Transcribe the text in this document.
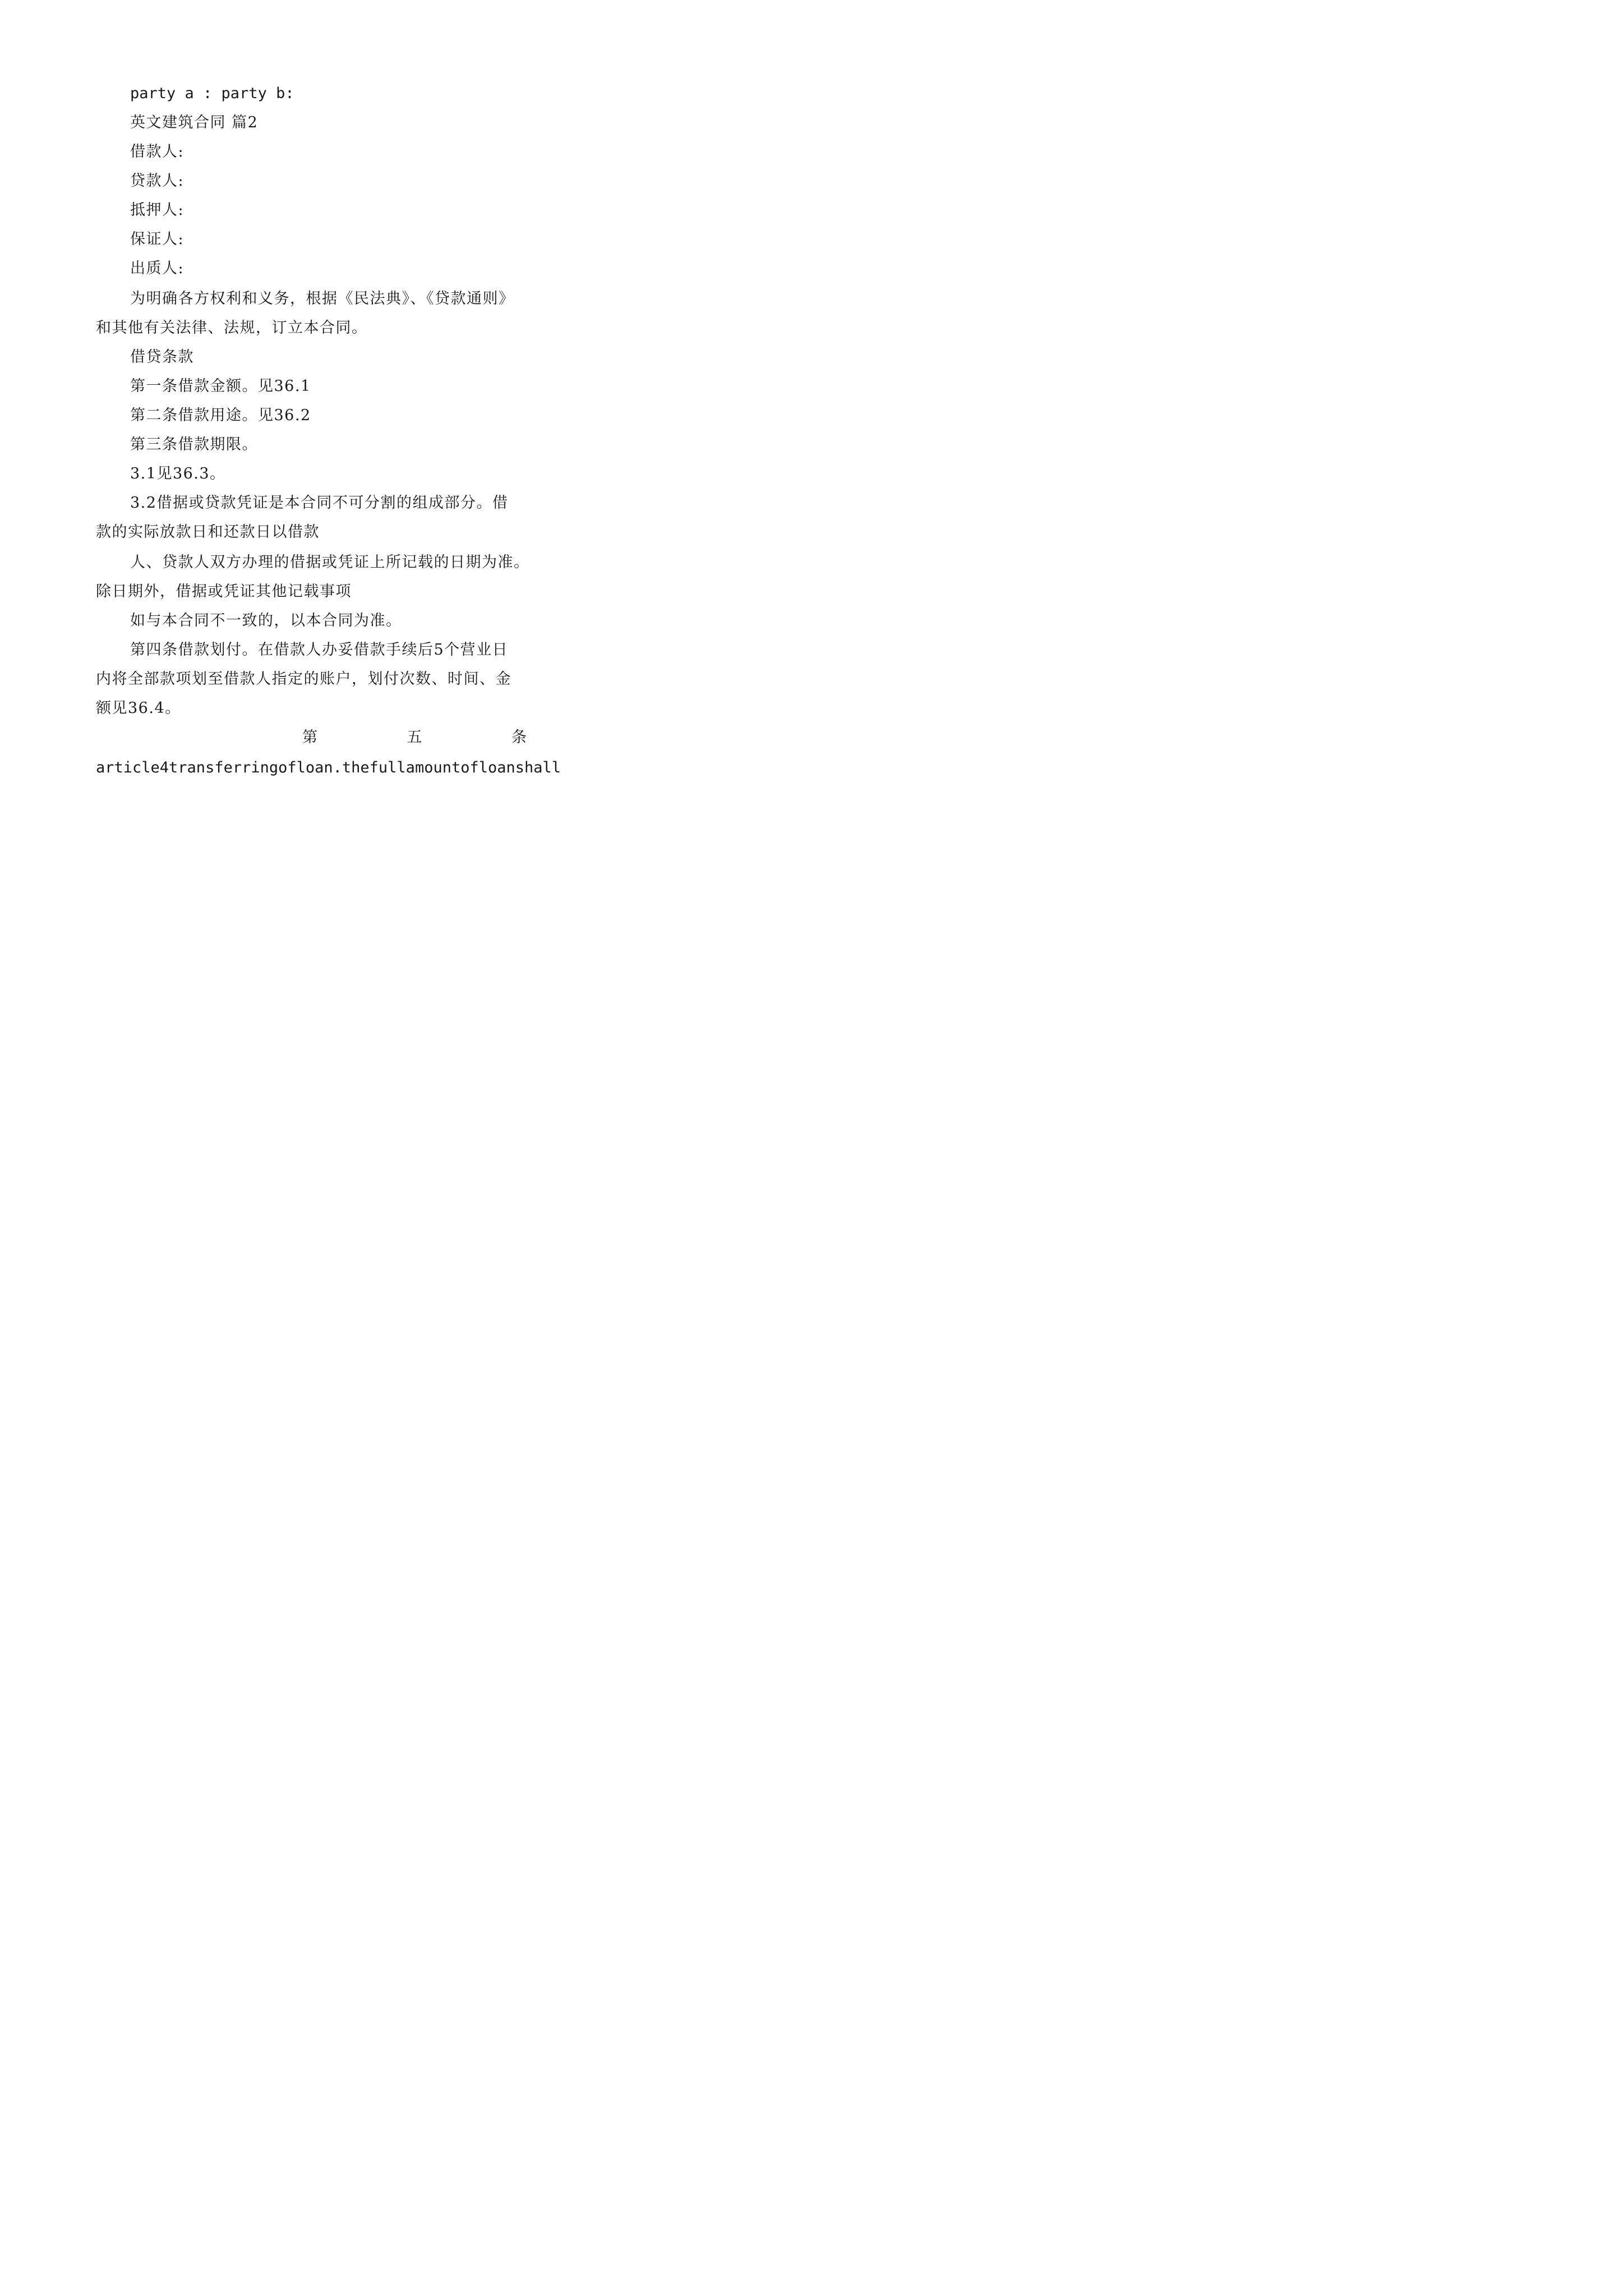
party a : party b:
英文建筑合同 篇2
借款人:
贷款人:
抵押人:
保证人:
出质人:
为明确各方权利和义务，根据《民法典》、《贷款通则》
和其他有关法律、法规，订立本合同。
借贷条款
第一条借款金额。见36.1
第二条借款用途。见36.2
第三条借款期限。
3.1见36.3。
3.2借据或贷款凭证是本合同不可分割的组成部分。借
款的实际放款日和还款日以借款
人、贷款人双方办理的借据或凭证上所记载的日期为准。
除日期外，借据或凭证其他记载事项
如与本合同不一致的，以本合同为准。
第四条借款划付。在借款人办妥借款手续后5个营业日
内将全部款项划至借款人指定的账户，划付次数、时间、金
额见36.4。
第	五	条
article4transferringofloan.thefullamountofloanshall
